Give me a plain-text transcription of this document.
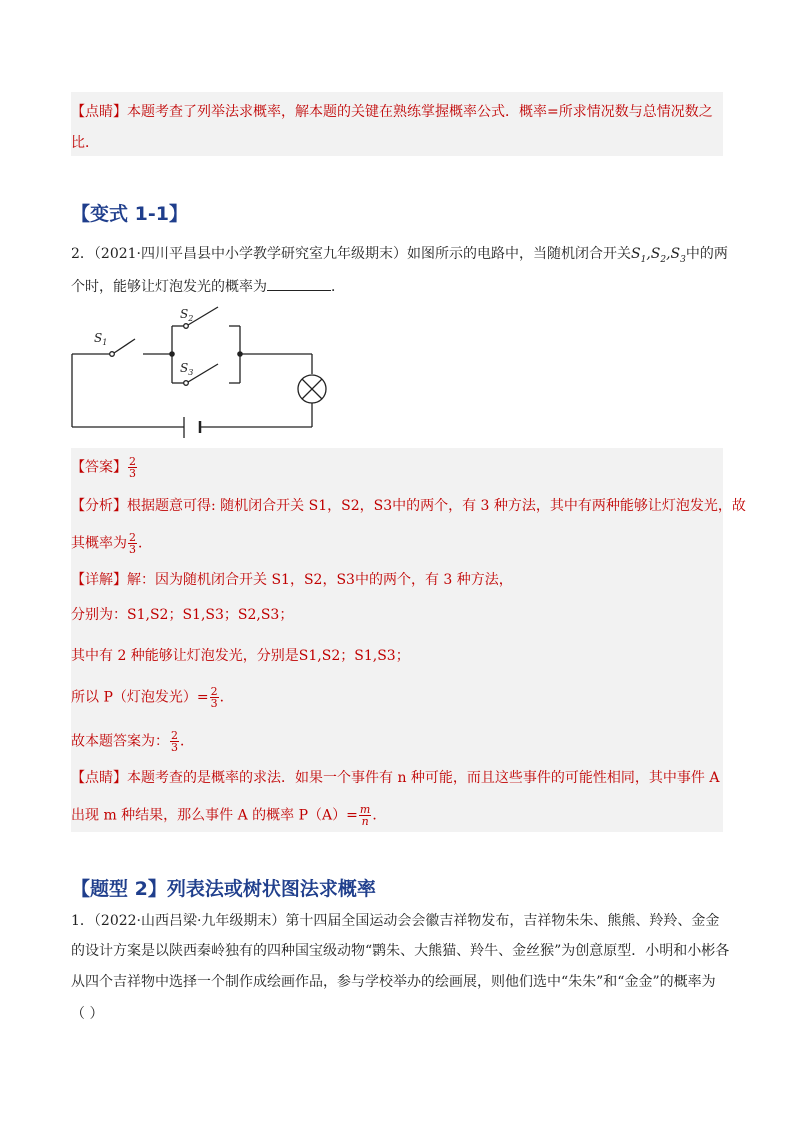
【点睛】本题考查了列举法求概率，解本题的关键在熟练掌握概率公式．概率=所求情况数与总情况数之
比．
【变式 1-1】
2．（2021·四川平昌县中小学教学研究室九年级期末）如图所示的电路中，当随机闭合开关$S_1,S_2,S_3$中的两
个时，能够让灯泡发光的概率为	．
$S_1$
$S_2$
$S_3$
【答案】 $\frac{2}{3}$
【分析】根据题意可得: 随机闭合开关 S1，S2，S3中的两个，有 3 种方法，其中有两种能够让灯泡发光，故
其概率为 $\frac{2}{3}$ ．
【详解】解：因为随机闭合开关 S1，S2，S3中的两个，有 3 种方法，
分别为：S1,S2；S1,S3；S2,S3；
其中有 2 种能够让灯泡发光，分别是S1,S2；S1,S3；
所以 P（灯泡发光）= $\frac{2}{3}$ ．
故本题答案为： $\frac{2}{3}$ ．
【点睛】本题考查的是概率的求法．如果一个事件有 n 种可能，而且这些事件的可能性相同，其中事件 A
出现 m 种结果，那么事件 A 的概率 $P(A)= \frac{m}{n}$ ．
【题型 2】列表法或树状图法求概率
1．（2022·山西吕梁·九年级期末）第十四届全国运动会会徽吉祥物发布，吉祥物朱朱、熊熊、羚羚、金金
的设计方案是以陕西秦岭独有的四种国宝级动物“鹮朱、大熊猫、羚牛、金丝猴”为创意原型．小明和小彬各
从四个吉祥物中选择一个制作成绘画作品，参与学校举办的绘画展，则他们选中“朱朱”和“金金”的概率为
（ ）
